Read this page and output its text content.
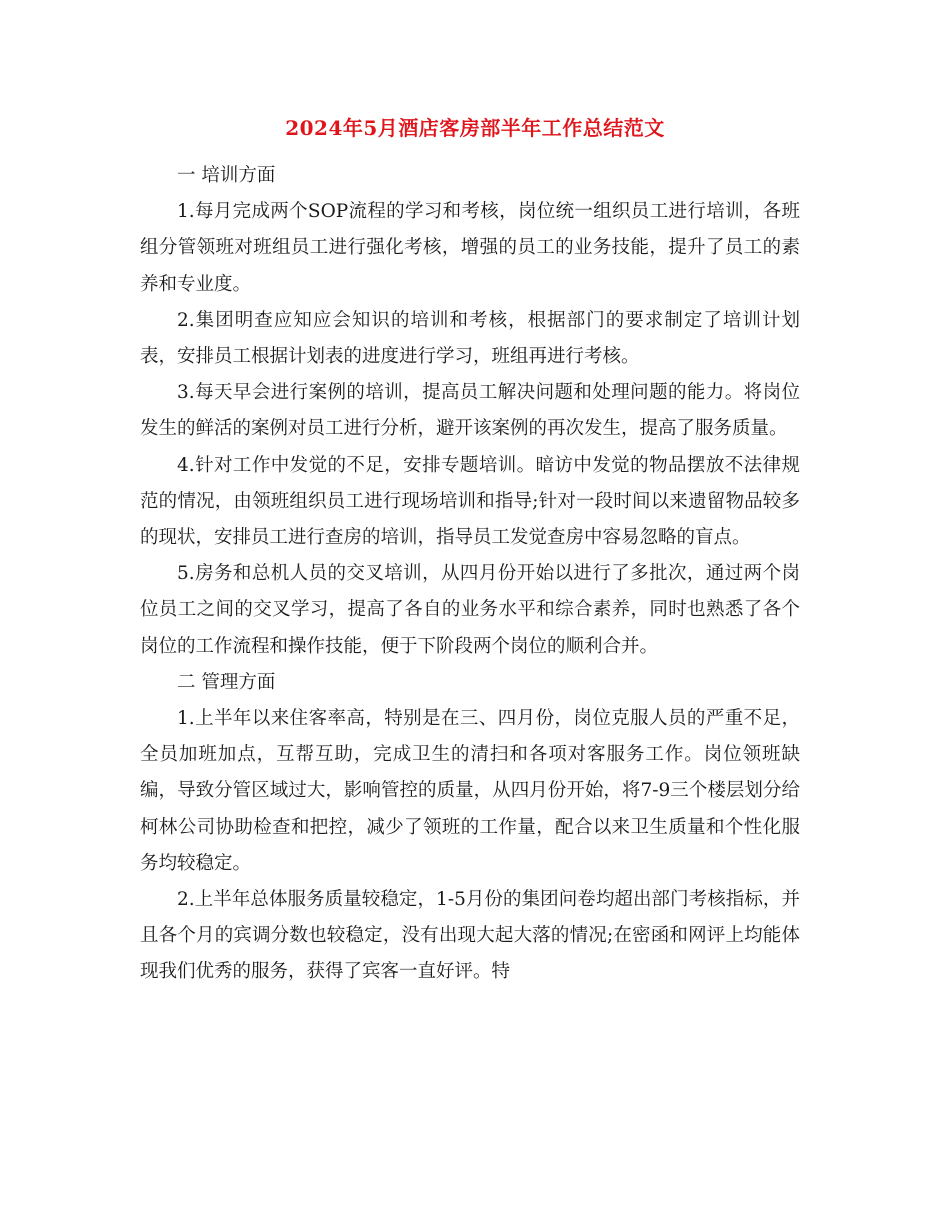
2024年5月酒店客房部半年工作总结范文

一 培训方面

1.每月完成两个SOP流程的学习和考核，岗位统一组织员工进行培训，各班组分管领班对班组员工进行强化考核，增强的员工的业务技能，提升了员工的素养和专业度。

2.集团明查应知应会知识的培训和考核，根据部门的要求制定了培训计划表，安排员工根据计划表的进度进行学习，班组再进行考核。

3.每天早会进行案例的培训，提高员工解决问题和处理问题的能力。将岗位发生的鲜活的案例对员工进行分析，避开该案例的再次发生，提高了服务质量。

4.针对工作中发觉的不足，安排专题培训。暗访中发觉的物品摆放不法律规范的情况，由领班组织员工进行现场培训和指导;针对一段时间以来遗留物品较多的现状，安排员工进行查房的培训，指导员工发觉查房中容易忽略的盲点。

5.房务和总机人员的交叉培训，从四月份开始以进行了多批次，通过两个岗位员工之间的交叉学习，提高了各自的业务水平和综合素养，同时也熟悉了各个岗位的工作流程和操作技能，便于下阶段两个岗位的顺利合并。

二 管理方面

1.上半年以来住客率高，特别是在三、四月份，岗位克服人员的严重不足，全员加班加点，互帮互助，完成卫生的清扫和各项对客服务工作。岗位领班缺编，导致分管区域过大，影响管控的质量，从四月份开始，将7-9三个楼层划分给柯林公司协助检查和把控，减少了领班的工作量，配合以来卫生质量和个性化服务均较稳定。

2.上半年总体服务质量较稳定，1-5月份的集团问卷均超出部门考核指标，并且各个月的宾调分数也较稳定，没有出现大起大落的情况;在密函和网评上均能体现我们优秀的服务，获得了宾客一直好评。特
